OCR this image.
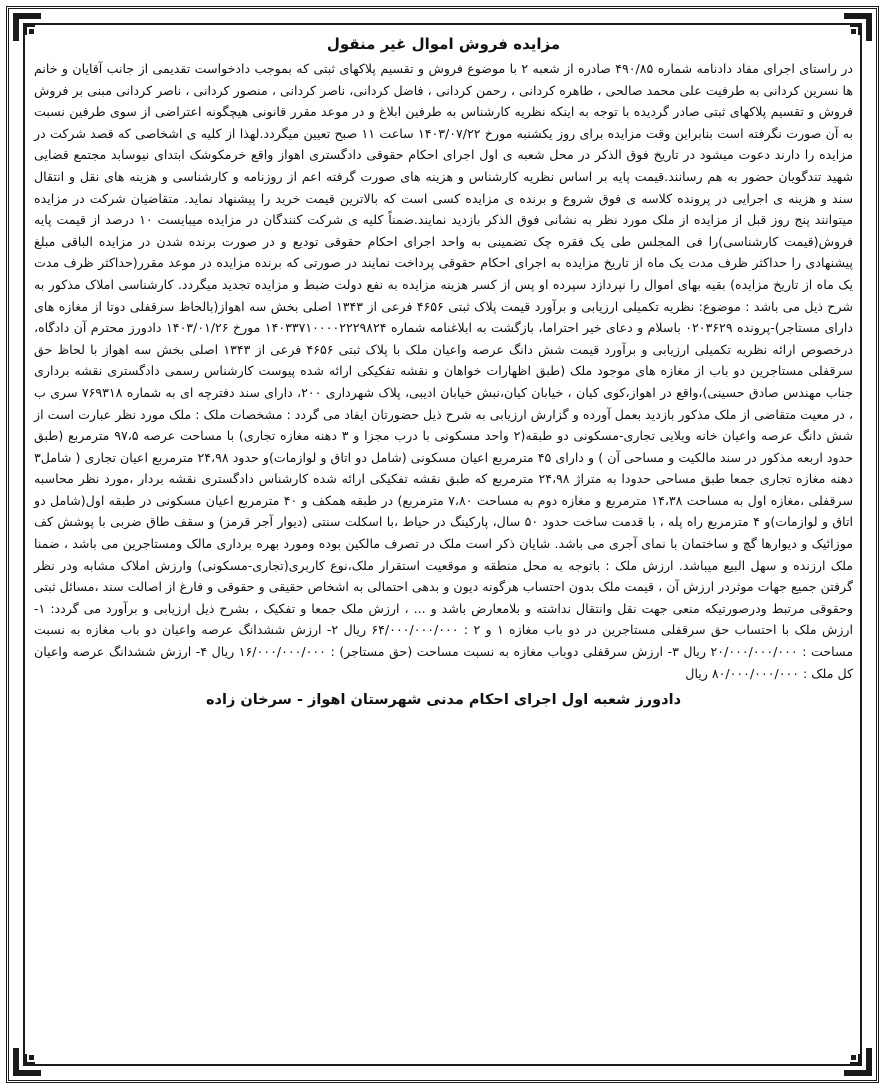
مزایده فروش اموال غیر منقول

در راستای اجرای مفاد دادنامه شماره ۴۹۰/۸۵ صادره از شعبه ۲ با موضوع فروش و تقسیم پلاکهای ثبتی که بموجب دادخواست تقدیمی از جانب آقایان و خانم ها نسرین کردانی به طرفیت علی محمد صالحی ، طاهره کردانی ، رحمن کردانی ، فاضل کردانی، ناصر کردانی ، منصور کردانی ، ناصر کردانی مبنی بر فروش فروش و تقسیم پلاکهای ثبتی صادر گردیده با توجه به اینکه نظریه کارشناس به طرفین ابلاغ و در موعد مقرر قانونی هیچگونه اعتراضی از سوی طرفین نسبت به آن صورت نگرفته است بنابراین وقت مزایده برای روز یکشنبه مورخ ۱۴۰۳/۰۷/۲۲ ساعت ۱۱ صبح تعیین میگردد.لهذا از کلیه ی اشخاصی که قصد شرکت در مزایده را دارند دعوت میشود در تاریخ فوق الذکر در محل شعبه ی اول اجرای احکام حقوقی دادگستری اهواز واقع خرمکوشک ابتدای نیوسابد مجتمع قضایی شهید تندگویان حضور به هم رسانند.قیمت پایه بر اساس نظریه کارشناس و هزینه های صورت گرفته اعم از روزنامه و کارشناسی و هزینه های نقل و انتقال سند و هزینه ی اجرایی در پرونده کلاسه ی فوق شروع و برنده ی مزایده کسی است که بالاترین قیمت خرید را پیشنهاد نماید. متقاضیان شرکت در مزایده میتوانند پنج روز قبل از مزایده از ملک مورد نظر به نشانی فوق الذکر بازدید نمایند.ضمناً کلیه ی شرکت کنندگان در مزایده میبایست ۱۰ درصد از قیمت پایه فروش(قیمت کارشناسی)را فی المجلس طی یک فقره چک تضمینی به واحد اجرای احکام حقوقی تودیع و در صورت برنده شدن در مزایده الباقی مبلغ پیشنهادی را حداکثر ظرف مدت یک ماه از تاریخ مزایده به اجرای احکام حقوقی پرداخت نمایند در صورتی که برنده مزایده در موعد مقرر(حداکثر ظرف مدت یک ماه از تاریخ مزایده) بقیه بهای اموال را نپردازد سپرده او پس از کسر هزینه مزایده به نفع دولت ضبط و مزایده تجدید میگردد. کارشناسی املاک مذکور به شرح ذیل می باشد : موضوع: نظریه تکمیلی ارزیابی و برآورد قیمت پلاک ثبتی ۴۶۵۶ فرعی از ۱۳۴۳ اصلی بخش سه اهواز(بالحاظ سرقفلی دوتا از مغازه های دارای مستاجر)-پرونده ۰۲۰۳۶۲۹ باسلام و دعای خیر احتراما، بازگشت به ابلاغنامه شماره ۱۴۰۳۳۷۱۰۰۰۰۲۲۲۹۸۲۴ مورخ ۱۴۰۳/۰۱/۲۶ دادورز محترم آن دادگاه، درخصوص ارائه نظریه تکمیلی ارزیابی و برآورد قیمت شش دانگ عرصه واعیان ملک با پلاک ثبتی ۴۶۵۶ فرعی از ۱۳۴۳ اصلی بخش سه اهواز با لحاظ حق سرقفلی مستاجرین دو باب از مغازه های موجود ملک (طبق اظهارات خواهان و نقشه تفکیکی ارائه شده پیوست کارشناس رسمی دادگستری نقشه برداری جناب مهندس صادق حسینی)،واقع در اهواز،کوی کیان ، خیابان کیان،نبش خیابان ادیبی، پلاک شهرداری ۲۰۰، دارای سند دفترچه ای به شماره ۷۶۹۳۱۸ سری ب ، در معیت متقاضی از ملک مذکور بازدید بعمل آورده و گزارش ارزیابی به شرح ذیل حضورتان ایفاد می گردد : مشخصات ملک : ملک مورد نظر عبارت است از شش دانگ عرصه واعیان خانه ویلایی تجاری-مسکونی دو طبقه(۲ واحد مسکونی با درب مجزا و ۳ دهنه مغازه تجاری) با مساحت عرصه ۹۷،۵ مترمربع (طبق حدود اربعه مذکور در سند مالکیت و مساحی آن ) و دارای ۴۵ مترمربع اعیان مسکونی (شامل دو اتاق و لوازمات)و حدود ۲۴،۹۸ مترمربع اعیان تجاری ( شامل۳ دهنه مغازه تجاری جمعا طبق مساحی حدودا به متراژ ۲۴،۹۸ مترمربع که طبق نقشه تفکیکی ارائه شده کارشناس دادگستری نقشه بردار ،مورد نظر محاسبه سرقفلی ،مغازه اول به مساحت ۱۴،۳۸ مترمربع و مغازه دوم به مساحت ۷،۸۰ مترمربع) در طبقه همکف و ۴۰ مترمربع اعیان مسکونی در طبقه اول(شامل دو اتاق و لوازمات)و ۴ مترمربع راه پله ، با قدمت ساخت حدود ۵۰ سال، پارکینگ در حیاط ،با اسکلت سنتی (دیوار آجر قرمز) و سقف طاق ضربی با پوشش کف موزائیک و دیوارها گچ و ساختمان با نمای آجری می باشد. شایان ذکر است ملک در تصرف مالکین بوده ومورد بهره برداری مالک ومستاجرین می باشد ، ضمنا ملک ارزنده و سهل البیع میباشد. ارزش ملک : باتوجه به محل منطقه و موقعیت استقرار ملک،نوع کاربری(تجاری-مسکونی) وارزش املاک مشابه ودر نظر گرفتن جمیع جهات موثردر ارزش آن ، قیمت ملک بدون احتساب هرگونه دیون و بدهی احتمالی به اشخاص حقیقی و حقوقی و فارغ از اصالت سند ،مسائل ثبتی وحقوقی مرتبط ودرصورتیکه منعی جهت نقل وانتقال نداشته و بلامعارض باشد و ... ، ارزش ملک جمعا و تفکیک ، بشرح ذیل ارزیابی و برآورد می گردد: ۱- ارزش ملک با احتساب حق سرقفلی مستاجرین در دو باب مغازه ۱ و ۲ : ۶۴/۰۰۰/۰۰۰/۰۰۰ ریال ۲- ارزش ششدانگ عرصه واعیان دو باب مغازه به نسبت مساحت : ۲۰/۰۰۰/۰۰۰/۰۰۰ ریال ۳- ارزش سرقفلی دوباب مغازه به نسبت مساحت (حق مستاجر) : ۱۶/۰۰۰/۰۰۰/۰۰۰ ریال ۴- ارزش ششدانگ عرصه واعیان کل ملک : ۸۰/۰۰۰/۰۰۰/۰۰۰ ریال

دادورز شعبه اول اجرای احکام مدنی شهرستان اهواز - سرخان زاده
